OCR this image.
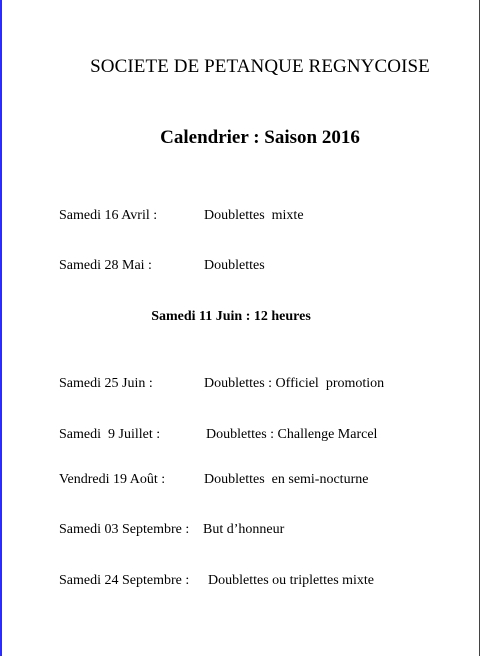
SOCIETE DE PETANQUE REGNYCOISE
Calendrier : Saison 2016
Samedi 16 Avril :	Doublettes  mixte
Samedi 28 Mai :	Doublettes
Samedi 11 Juin : 12 heures
Samedi 25 Juin :	Doublettes : Officiel  promotion
Samedi  9 Juillet :	Doublettes : Challenge Marcel
Vendredi 19 Août :	Doublettes  en semi-nocturne
Samedi 03 Septembre : But d’honneur
Samedi 24 Septembre : Doublettes ou triplettes mixte
